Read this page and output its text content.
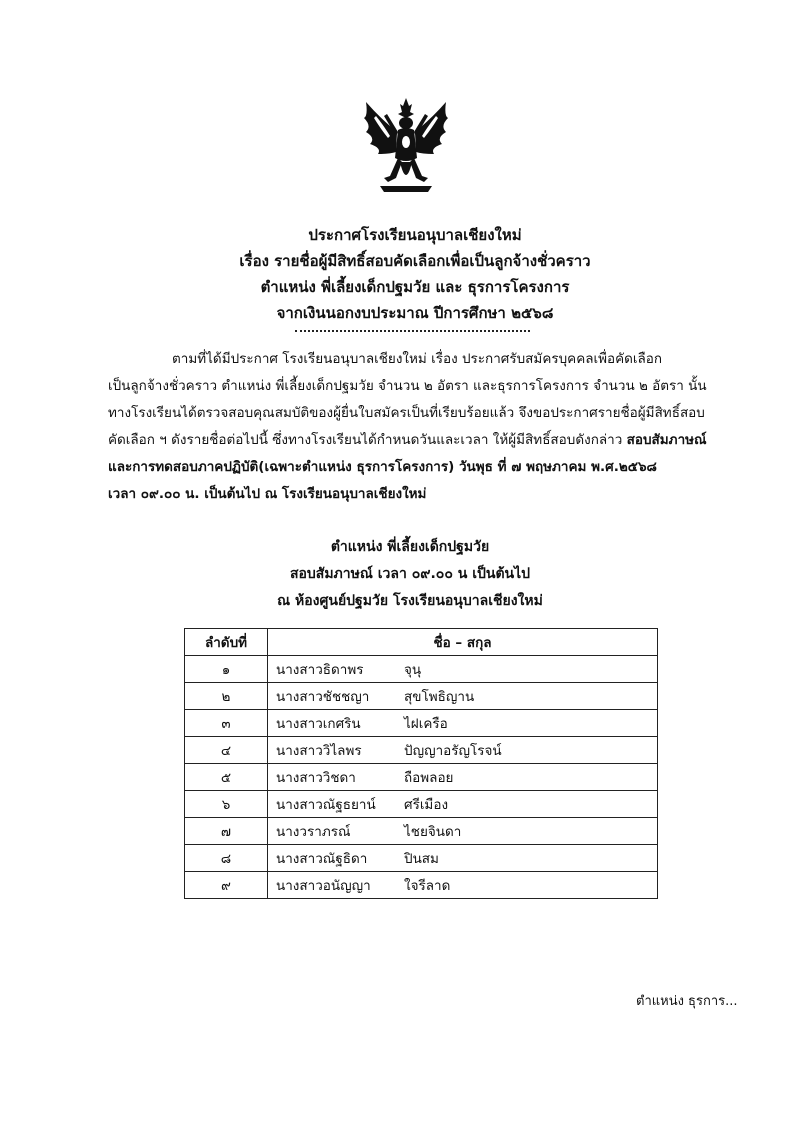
ประกาศโรงเรียนอนุบาลเชียงใหม่
เรื่อง รายชื่อผู้มีสิทธิ์สอบคัดเลือกเพื่อเป็นลูกจ้างชั่วคราว
ตำแหน่ง พี่เลี้ยงเด็กปฐมวัย และ ธุรการโครงการ
จากเงินนอกงบประมาณ ปีการศึกษา ๒๕๖๘
ตามที่ได้มีประกาศ โรงเรียนอนุบาลเชียงใหม่ เรื่อง ประกาศรับสมัครบุคคลเพื่อคัดเลือก
เป็นลูกจ้างชั่วคราว ตำแหน่ง พี่เลี้ยงเด็กปฐมวัย จำนวน ๒ อัตรา และธุรการโครงการ จำนวน ๒ อัตรา นั้น
ทางโรงเรียนได้ตรวจสอบคุณสมบัติของผู้ยื่นใบสมัครเป็นที่เรียบร้อยแล้ว จึงขอประกาศรายชื่อผู้มีสิทธิ์สอบ
คัดเลือก ฯ ดังรายชื่อต่อไปนี้ ซึ่งทางโรงเรียนได้กำหนดวันและเวลา ให้ผู้มีสิทธิ์สอบดังกล่าว สอบสัมภาษณ์
และการทดสอบภาคปฏิบัติ(เฉพาะตำแหน่ง ธุรการโครงการ) วันพุธ ที่ ๗ พฤษภาคม พ.ศ.๒๕๖๘
เวลา ๐๙.๐๐ น. เป็นต้นไป ณ โรงเรียนอนุบาลเชียงใหม่
ตำแหน่ง พี่เลี้ยงเด็กปฐมวัย
สอบสัมภาษณ์ เวลา ๐๙.๐๐ น เป็นต้นไป
ณ ห้องศูนย์ปฐมวัย โรงเรียนอนุบาลเชียงใหม่
ลำดับที่	ชื่อ – สกุล	
๑	นางสาวธิดาพร	จุนุ
๒	นางสาวชัชชญา	สุขโพธิญาน
๓	นางสาวเกศริน	ไฝเครือ
๔	นางสาววิไลพร	ปัญญาอรัญโรจน์
๕	นางสาววิชดา	ถือพลอย
๖	นางสาวณัฐธยาน์	ศรีเมือง
๗	นางวราภรณ์	ไชยจินดา
๘	นางสาวณัฐธิดา	ปินสม
๙	นางสาวอนัญญา	ใจรีลาด
ตำแหน่ง ธุรการ...
